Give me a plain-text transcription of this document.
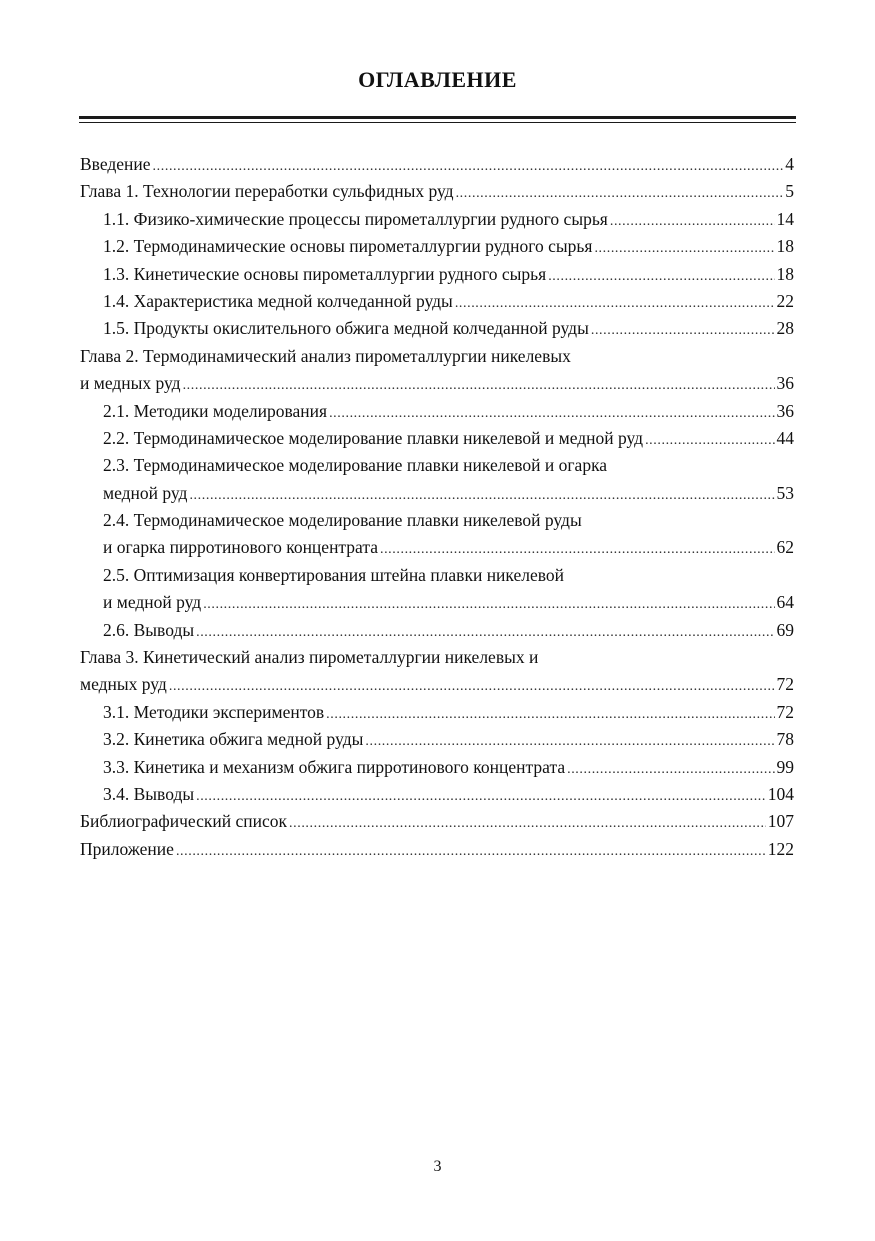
ОГЛАВЛЕНИЕ
Введение .....	4
Глава 1. Технологии переработки сульфидных руд .....	5
1.1. Физико-химические процессы пирометаллургии рудного сырья .....	14
1.2. Термодинамические основы пирометаллургии рудного сырья .....	18
1.3. Кинетические основы пирометаллургии рудного сырья .....	18
1.4. Характеристика медной колчеданной руды .....	22
1.5. Продукты окислительного обжига медной колчеданной руды .....	28
Глава 2. Термодинамический анализ пирометаллургии никелевых
и медных руд .....	36
2.1. Методики моделирования .....	36
2.2. Термодинамическое моделирование плавки никелевой и медной руд .....	44
2.3. Термодинамическое моделирование плавки никелевой и огарка
медной руд .....	53
2.4. Термодинамическое моделирование плавки никелевой руды
и огарка пирротинового концентрата .....	62
2.5. Оптимизация конвертирования штейна плавки никелевой
и медной руд .....	64
2.6. Выводы .....	69
Глава 3. Кинетический анализ пирометаллургии никелевых и
медных руд .....	72
3.1. Методики экспериментов .....	72
3.2. Кинетика обжига медной руды .....	78
3.3. Кинетика и механизм обжига пирротинового концентрата .....	99
3.4. Выводы .....	104
Библиографический список .....	107
Приложение .....	122
3
